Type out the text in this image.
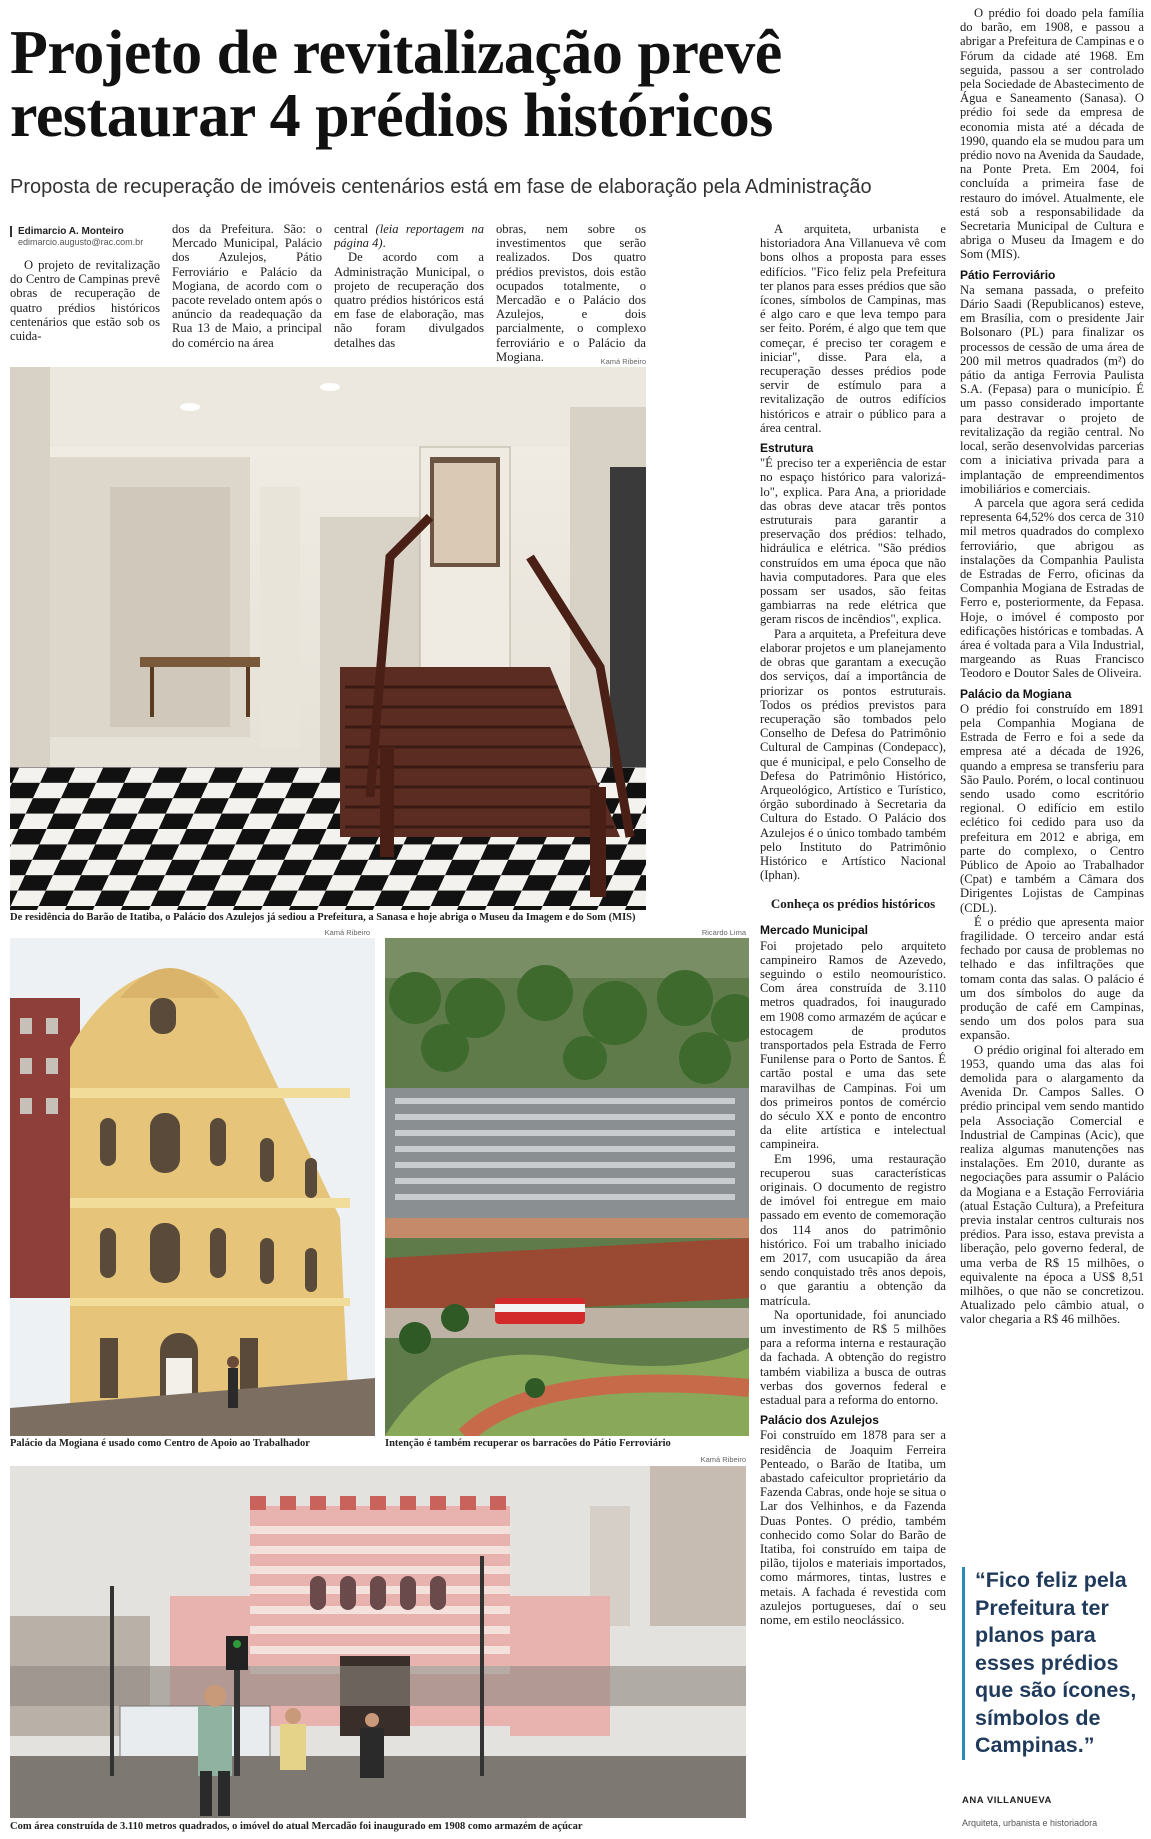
Projeto de revitalização prevê restaurar 4 prédios históricos
Proposta de recuperação de imóveis centenários está em fase de elaboração pela Administração
Edimarcio A. Monteiro
edimarcio.augusto@rac.com.br

O projeto de revitalização do Centro de Campinas prevê obras de recuperação de quatro prédios históricos centenários que estão sob os cuida-

dos da Prefeitura. São: o Mercado Municipal, Palácio dos Azulejos, Pátio Ferroviário e Palácio da Mogiana, de acordo com o pacote revelado ontem após o anúncio da readequação da Rua 13 de Maio, a principal do comércio na área

central (leia reportagem na página 4).

De acordo com a Administração Municipal, o projeto de recuperação dos quatro prédios históricos está em fase de elaboração, mas não foram divulgados detalhes das

obras, nem sobre os investimentos que serão realizados. Dos quatro prédios previstos, dois estão ocupados totalmente, o Mercadão e o Palácio dos Azulejos, e dois parcialmente, o complexo ferroviário e o Palácio da Mogiana.	Kamá Ribeiro
De residência do Barão de Itatiba, o Palácio dos Azulejos já sediou a Prefeitura, a Sanasa e hoje abriga o Museu da Imagem e do Som (MIS)
Kamá Ribeiro
Palácio da Mogiana é usado como Centro de Apoio ao Trabalhador
Ricardo Lima
Intenção é também recuperar os barracões do Pátio Ferroviário
Kamá Ribeiro
Com área construída de 3.110 metros quadrados, o imóvel do atual Mercadão foi inaugurado em 1908 como armazém de açúcar

A arquiteta, urbanista e historiadora Ana Villanueva vê com bons olhos a proposta para esses edifícios. "Fico feliz pela Prefeitura ter planos para esses prédios que são ícones, símbolos de Campinas, mas é algo caro e que leva tempo para ser feito. Porém, é algo que tem que começar, é preciso ter coragem e iniciar", disse. Para ela, a recuperação desses prédios pode servir de estímulo para a revitalização de outros edifícios históricos e atrair o público para a área central.

Estrutura

"É preciso ter a experiência de estar no espaço histórico para valorizá-lo", explica. Para Ana, a prioridade das obras deve atacar três pontos estruturais para garantir a preservação dos prédios: telhado, hidráulica e elétrica. "São prédios construídos em uma época que não havia computadores. Para que eles possam ser usados, são feitas gambiarras na rede elétrica que geram riscos de incêndios", explica.

Para a arquiteta, a Prefeitura deve elaborar projetos e um planejamento de obras que garantam a execução dos serviços, daí a importância de priorizar os pontos estruturais. Todos os prédios previstos para recuperação são tombados pelo Conselho de Defesa do Patrimônio Cultural de Campinas (Condepacc), que é municipal, e pelo Conselho de Defesa do Patrimônio Histórico, Arqueológico, Artístico e Turístico, órgão subordinado à Secretaria da Cultura do Estado. O Palácio dos Azulejos é o único tombado também pelo Instituto do Patrimônio Histórico e Artístico Nacional (Iphan).

Conheça os prédios históricos
Mercado Municipal

Foi projetado pelo arquiteto campineiro Ramos de Azevedo, seguindo o estilo neomourístico. Com área construída de 3.110 metros quadrados, foi inaugurado em 1908 como armazém de açúcar e estocagem de produtos transportados pela Estrada de Ferro Funilense para o Porto de Santos. É cartão postal e uma das sete maravilhas de Campinas. Foi um dos primeiros pontos de comércio do século XX e ponto de encontro da elite artística e intelectual campineira.

Em 1996, uma restauração recuperou suas características originais. O documento de registro de imóvel foi entregue em maio passado em evento de comemoração dos 114 anos do patrimônio histórico. Foi um trabalho iniciado em 2017, com usucapião da área sendo conquistado três anos depois, o que garantiu a obtenção da matrícula.

Na oportunidade, foi anunciado um investimento de R$ 5 milhões para a reforma interna e restauração da fachada. A obtenção do registro também viabiliza a busca de outras verbas dos governos federal e estadual para a reforma do entorno.

Palácio dos Azulejos

Foi construído em 1878 para ser a residência de Joaquim Ferreira Penteado, o Barão de Itatiba, um abastado cafeicultor proprietário da Fazenda Cabras, onde hoje se situa o Lar dos Velhinhos, e da Fazenda Duas Pontes. O prédio, também conhecido como Solar do Barão de Itatiba, foi construído em taipa de pilão, tijolos e materiais importados, como mármores, tintas, lustres e metais. A fachada é revestida com azulejos portugueses, daí o seu nome, em estilo neoclássico.

O prédio foi doado pela família do barão, em 1908, e passou a abrigar a Prefeitura de Campinas e o Fórum da cidade até 1968. Em seguida, passou a ser controlado pela Sociedade de Abastecimento de Água e Saneamento (Sanasa). O prédio foi sede da empresa de economia mista até a década de 1990, quando ela se mudou para um prédio novo na Avenida da Saudade, na Ponte Preta. Em 2004, foi concluída a primeira fase de restauro do imóvel. Atualmente, ele está sob a responsabilidade da Secretaria Municipal de Cultura e abriga o Museu da Imagem e do Som (MIS).

Pátio Ferroviário

Na semana passada, o prefeito Dário Saadi (Republicanos) esteve, em Brasília, com o presidente Jair Bolsonaro (PL) para finalizar os processos de cessão de uma área de 200 mil metros quadrados (m²) do pátio da antiga Ferrovia Paulista S.A. (Fepasa) para o município. É um passo considerado importante para destravar o projeto de revitalização da região central. No local, serão desenvolvidas parcerias com a iniciativa privada para a implantação de empreendimentos imobiliários e comerciais.

A parcela que agora será cedida representa 64,52% dos cerca de 310 mil metros quadrados do complexo ferroviário, que abrigou as instalações da Companhia Paulista de Estradas de Ferro, oficinas da Companhia Mogiana de Estradas de Ferro e, posteriormente, da Fepasa. Hoje, o imóvel é composto por edificações históricas e tombadas. A área é voltada para a Vila Industrial, margeando as Ruas Francisco Teodoro e Doutor Sales de Oliveira.

Palácio da Mogiana

O prédio foi construído em 1891 pela Companhia Mogiana de Estrada de Ferro e foi a sede da empresa até a década de 1926, quando a empresa se transferiu para São Paulo. Porém, o local continuou sendo usado como escritório regional. O edifício em estilo eclético foi cedido para uso da prefeitura em 2012 e abriga, em parte do complexo, o Centro Público de Apoio ao Trabalhador (Cpat) e também a Câmara dos Dirigentes Lojistas de Campinas (CDL).

É o prédio que apresenta maior fragilidade. O terceiro andar está fechado por causa de problemas no telhado e das infiltrações que tomam conta das salas. O palácio é um dos símbolos do auge da produção de café em Campinas, sendo um dos polos para sua expansão.

O prédio original foi alterado em 1953, quando uma das alas foi demolida para o alargamento da Avenida Dr. Campos Salles. O prédio principal vem sendo mantido pela Associação Comercial e Industrial de Campinas (Acic), que realiza algumas manutenções nas instalações. Em 2010, durante as negociações para assumir o Palácio da Mogiana e a Estação Ferroviária (atual Estação Cultura), a Prefeitura previa instalar centros culturais nos prédios. Para isso, estava prevista a liberação, pelo governo federal, de uma verba de R$ 15 milhões, o equivalente na época a US$ 8,51 milhões, o que não se concretizou. Atualizado pelo câmbio atual, o valor chegaria a R$ 46 milhões.

“Fico feliz pela Prefeitura ter planos para esses prédios que são ícones, símbolos de Campinas.”
ANA VILLANUEVA
Arquiteta, urbanista e historiadora
